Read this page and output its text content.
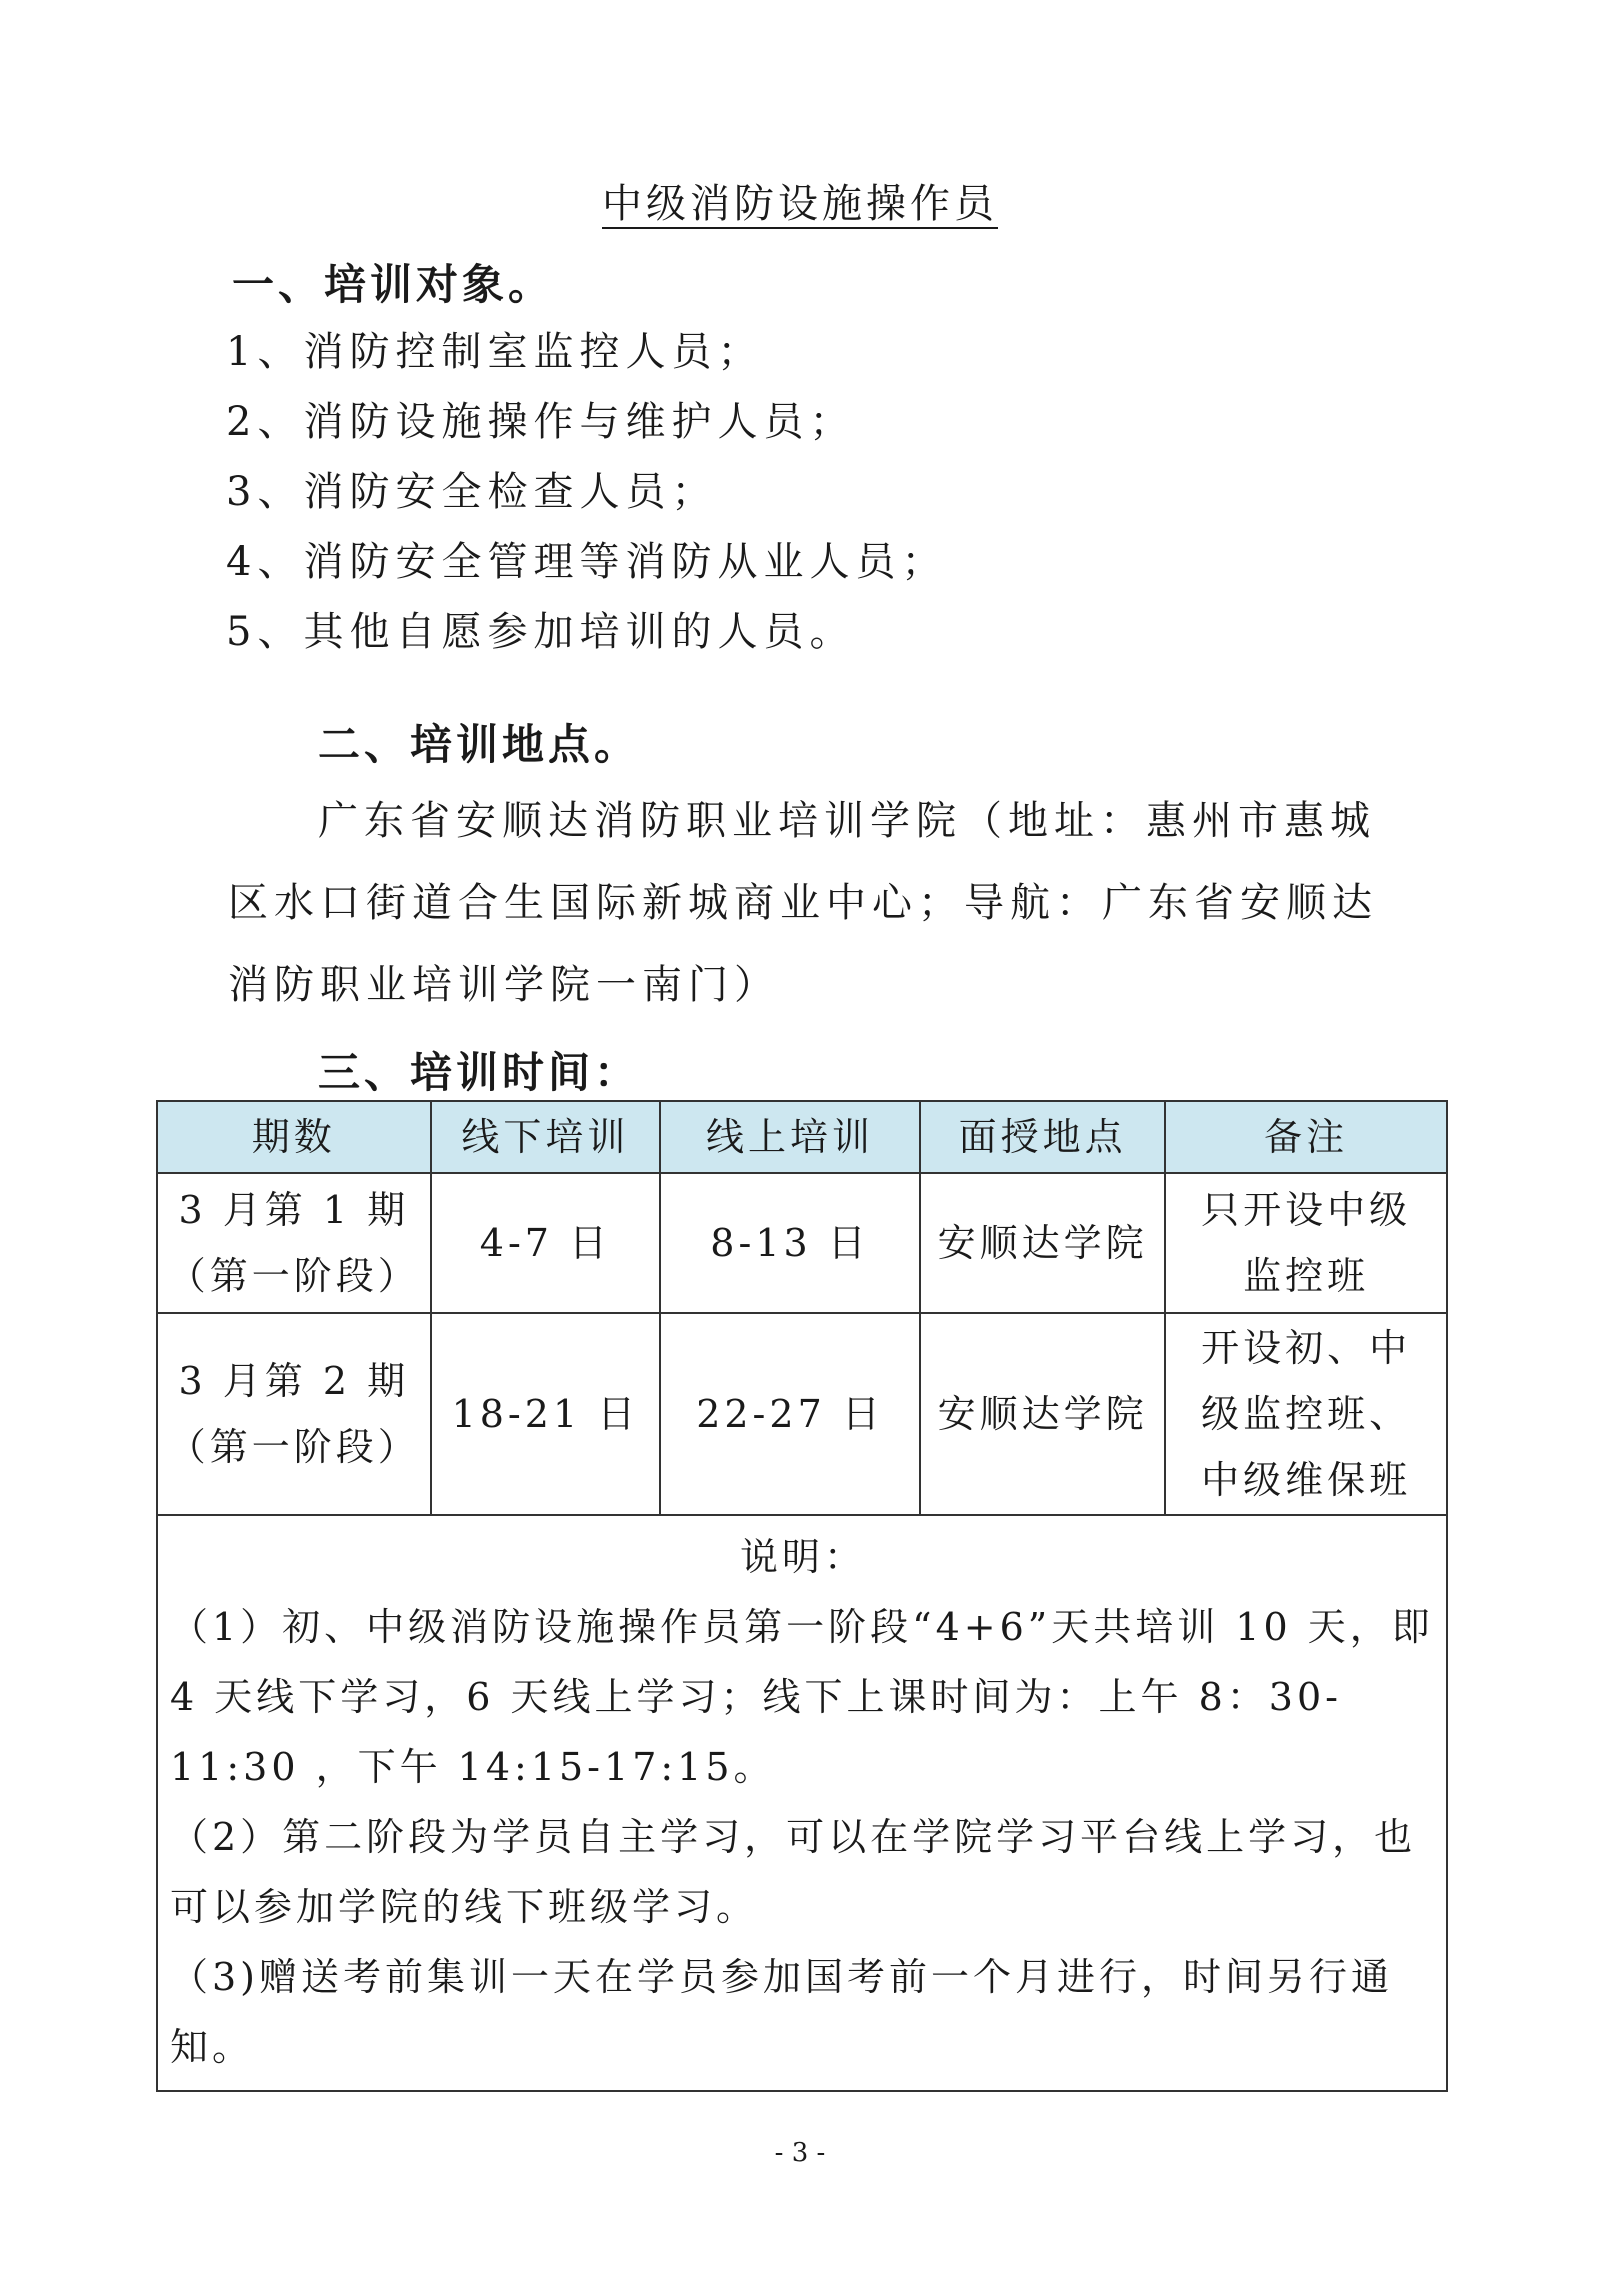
中级消防设施操作员
一、培训对象。
1、消防控制室监控人员；
2、消防设施操作与维护人员；
3、消防安全检查人员；
4、消防安全管理等消防从业人员；
5、其他自愿参加培训的人员。
二、培训地点。
广东省安顺达消防职业培训学院（地址：惠州市惠城区水口街道合生国际新城商业中心；导航：广东省安顺达消防职业培训学院一南门）
三、培训时间：
期数	线下培训	线上培训	面授地点	备注

3 月第 1 期
（第一阶段）	4-7 日	8-13 日	安顺达学院	只开设中级监控班

3 月第 2 期
（第一阶段）	18-21 日	22-27 日	安顺达学院	开设初、中级监控班、中级维保班

说明：
（1）初、中级消防设施操作员第一阶段“4+6”天共培训 10 天，即 4 天线下学习，6 天线上学习；线下上课时间为：上午 8：30-11:30 ，下午 14:15-17:15。
（2）第二阶段为学员自主学习，可以在学院学习平台线上学习，也可以参加学院的线下班级学习。
（3)赠送考前集训一天在学员参加国考前一个月进行，时间另行通知。				
- 3 -
